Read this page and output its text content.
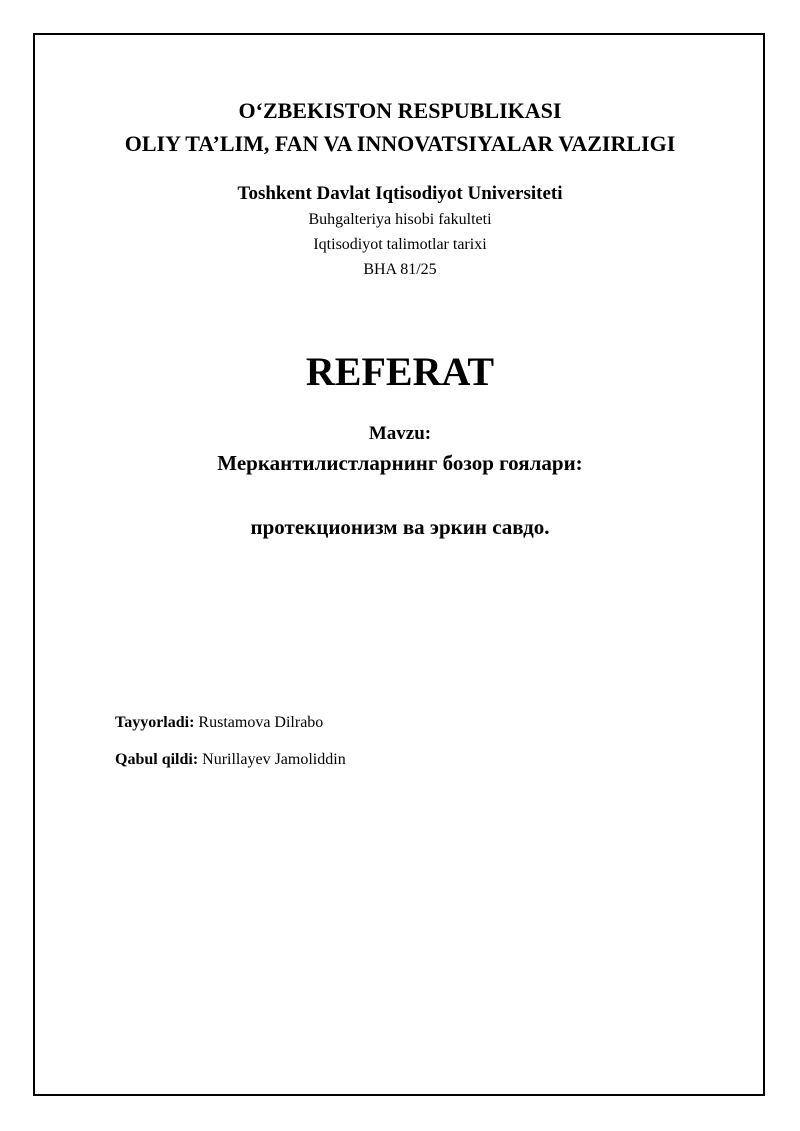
O‘ZBEKISTON RESPUBLIKASI
OLIY TA’LIM, FAN VA INNOVATSIYALAR VAZIRLIGI
Toshkent Davlat Iqtisodiyot Universiteti
Buhgalteriya hisobi fakulteti
Iqtisodiyot talimotlar tarixi
BHA 81/25
REFERAT
Mavzu:
Меркантилистларнинг бозор гоялари:
протекционизм ва эркин савдо.
Tayyorladi: Rustamova Dilrabo
Qabul qildi: Nurillayev Jamoliddin
